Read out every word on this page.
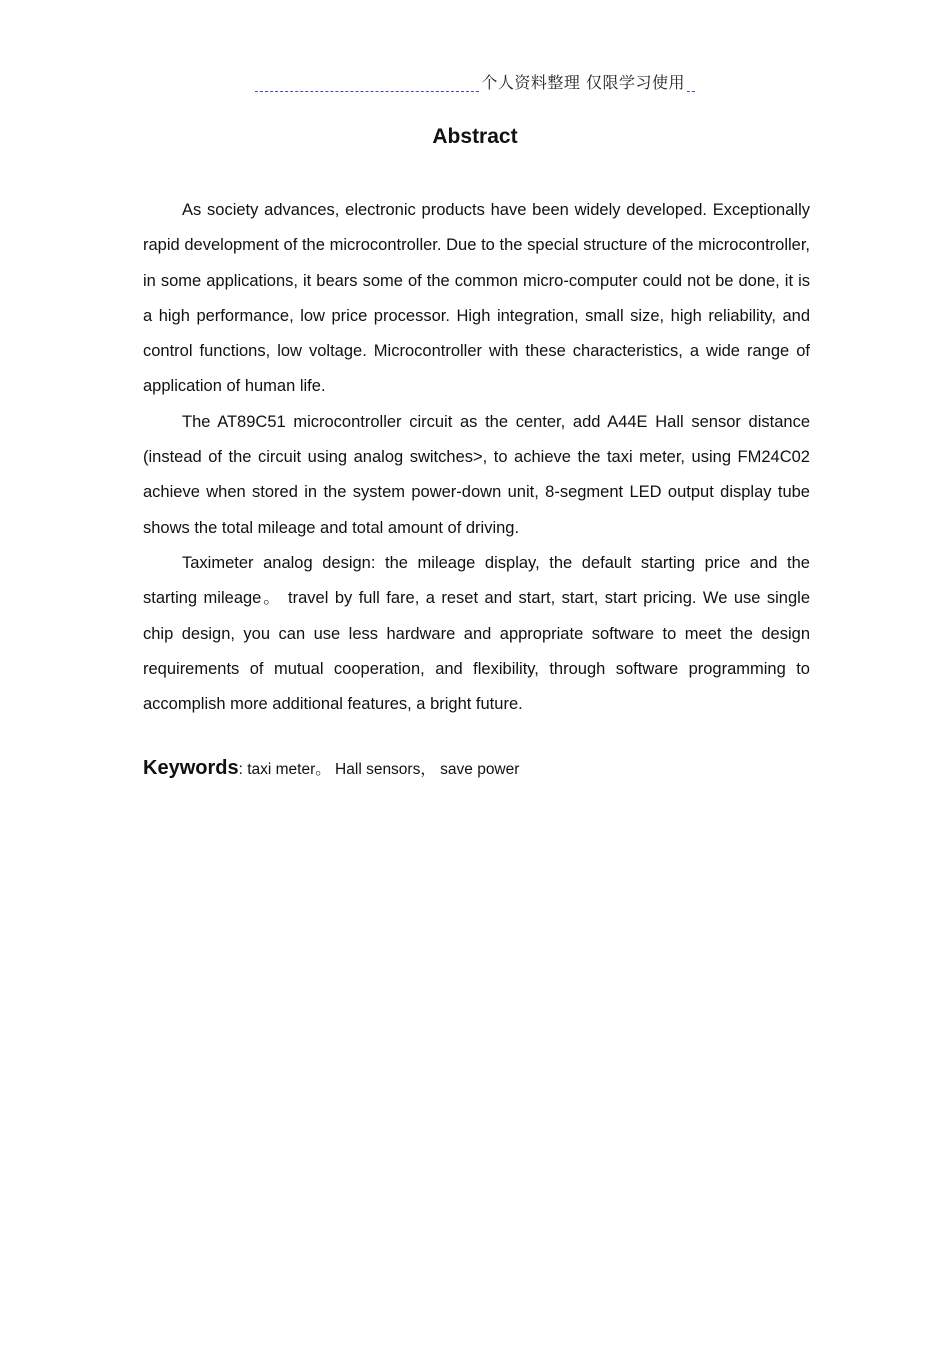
个人资料整理 仅限学习使用
Abstract

As society advances, electronic products have been widely developed. Exceptionally rapid development of the microcontroller. Due to the special structure of the microcontroller, in some applications, it bears some of the common micro-computer could not be done, it is a high performance, low price processor. High integration, small size, high reliability, and control functions, low voltage. Microcontroller with these characteristics, a wide range of application of human life.

The AT89C51 microcontroller circuit as the center, add A44E Hall sensor distance (instead of the circuit using analog switches>, to achieve the taxi meter, using FM24C02 achieve when stored in the system power-down unit, 8-segment LED output display tube shows the total mileage and total amount of driving.

Taximeter analog design: the mileage display, the default starting price and the starting mileage。 travel by full fare, a reset and start, start, start pricing. We use single chip design, you can use less hardware and appropriate software to meet the design requirements of mutual cooperation, and flexibility, through software programming to accomplish more additional features, a bright future.

Keywords: taxi meter。 Hall sensors， save power
